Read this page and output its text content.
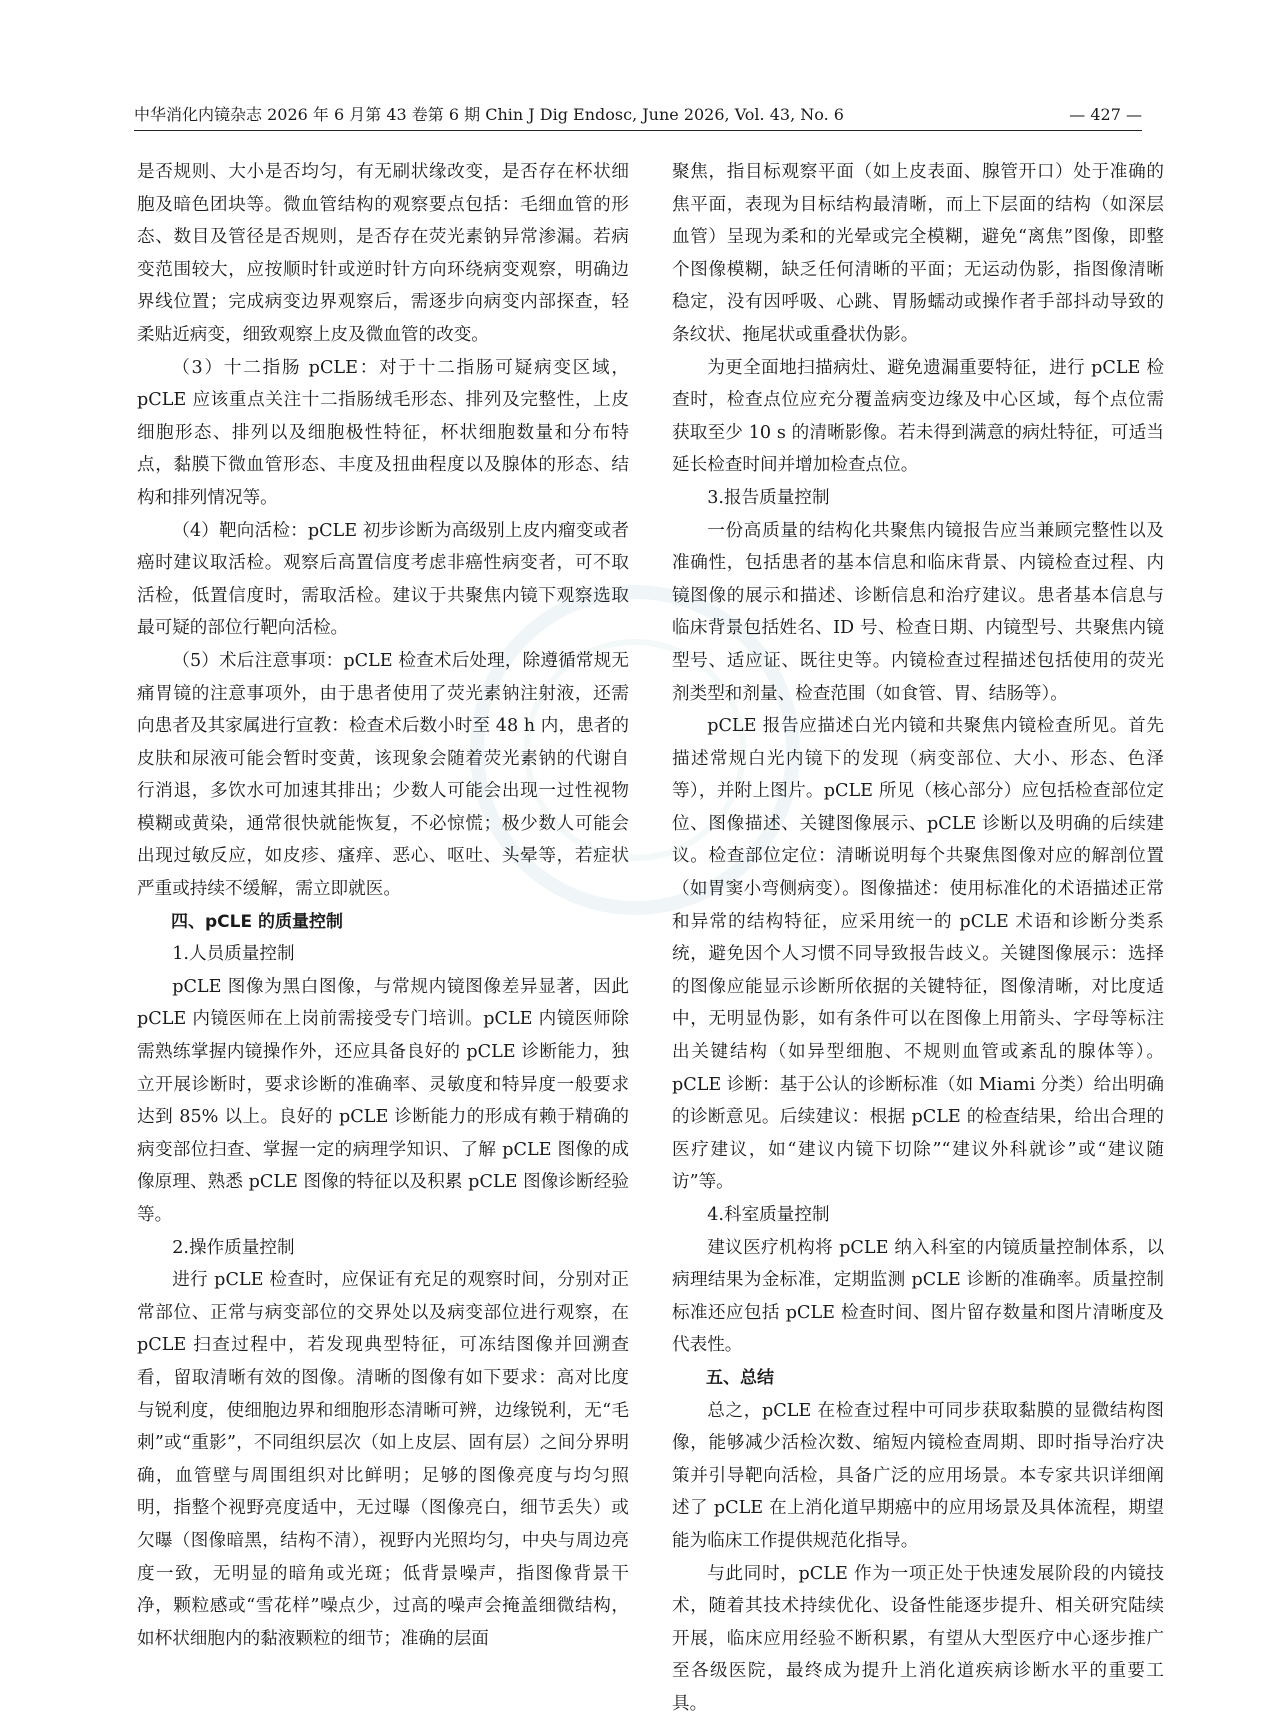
中华消化内镜杂志 2026 年 6 月第 43 卷第 6 期 Chin J Dig Endosc, June 2026, Vol. 43, No. 6	— 427 —

是否规则、大小是否均匀，有无刷状缘改变，是否存在杯状细胞及暗色团块等。微血管结构的观察要点包括：毛细血管的形态、数目及管径是否规则，是否存在荧光素钠异常渗漏。若病变范围较大，应按顺时针或逆时针方向环绕病变观察，明确边界线位置；完成病变边界观察后，需逐步向病变内部探查，轻柔贴近病变，细致观察上皮及微血管的改变。

（3）十二指肠 pCLE：对于十二指肠可疑病变区域，pCLE 应该重点关注十二指肠绒毛形态、排列及完整性，上皮细胞形态、排列以及细胞极性特征，杯状细胞数量和分布特点，黏膜下微血管形态、丰度及扭曲程度以及腺体的形态、结构和排列情况等。

（4）靶向活检：pCLE 初步诊断为高级别上皮内瘤变或者癌时建议取活检。观察后高置信度考虑非癌性病变者，可不取活检，低置信度时，需取活检。建议于共聚焦内镜下观察选取最可疑的部位行靶向活检。

（5）术后注意事项：pCLE 检查术后处理，除遵循常规无痛胃镜的注意事项外，由于患者使用了荧光素钠注射液，还需向患者及其家属进行宣教：检查术后数小时至 48 h 内，患者的皮肤和尿液可能会暂时变黄，该现象会随着荧光素钠的代谢自行消退，多饮水可加速其排出；少数人可能会出现一过性视物模糊或黄染，通常很快就能恢复，不必惊慌；极少数人可能会出现过敏反应，如皮疹、瘙痒、恶心、呕吐、头晕等，若症状严重或持续不缓解，需立即就医。

四、pCLE 的质量控制

1.人员质量控制

pCLE 图像为黑白图像，与常规内镜图像差异显著，因此 pCLE 内镜医师在上岗前需接受专门培训。pCLE 内镜医师除需熟练掌握内镜操作外，还应具备良好的 pCLE 诊断能力，独立开展诊断时，要求诊断的准确率、灵敏度和特异度一般要求达到 85% 以上。良好的 pCLE 诊断能力的形成有赖于精确的病变部位扫查、掌握一定的病理学知识、了解 pCLE 图像的成像原理、熟悉 pCLE 图像的特征以及积累 pCLE 图像诊断经验等。

2.操作质量控制

进行 pCLE 检查时，应保证有充足的观察时间，分别对正常部位、正常与病变部位的交界处以及病变部位进行观察，在 pCLE 扫查过程中，若发现典型特征，可冻结图像并回溯查看，留取清晰有效的图像。清晰的图像有如下要求：高对比度与锐利度，使细胞边界和细胞形态清晰可辨，边缘锐利，无“毛刺”或“重影”，不同组织层次（如上皮层、固有层）之间分界明确，血管壁与周围组织对比鲜明；足够的图像亮度与均匀照明，指整个视野亮度适中，无过曝（图像亮白，细节丢失）或欠曝（图像暗黑，结构不清），视野内光照均匀，中央与周边亮度一致，无明显的暗角或光斑；低背景噪声，指图像背景干净，颗粒感或“雪花样”噪点少，过高的噪声会掩盖细微结构，如杯状细胞内的黏液颗粒的细节；准确的层面

聚焦，指目标观察平面（如上皮表面、腺管开口）处于准确的焦平面，表现为目标结构最清晰，而上下层面的结构（如深层血管）呈现为柔和的光晕或完全模糊，避免“离焦”图像，即整个图像模糊，缺乏任何清晰的平面；无运动伪影，指图像清晰稳定，没有因呼吸、心跳、胃肠蠕动或操作者手部抖动导致的条纹状、拖尾状或重叠状伪影。

为更全面地扫描病灶、避免遗漏重要特征，进行 pCLE 检查时，检查点位应充分覆盖病变边缘及中心区域，每个点位需获取至少 10 s 的清晰影像。若未得到满意的病灶特征，可适当延长检查时间并增加检查点位。

3.报告质量控制

一份高质量的结构化共聚焦内镜报告应当兼顾完整性以及准确性，包括患者的基本信息和临床背景、内镜检查过程、内镜图像的展示和描述、诊断信息和治疗建议。患者基本信息与临床背景包括姓名、ID 号、检查日期、内镜型号、共聚焦内镜型号、适应证、既往史等。内镜检查过程描述包括使用的荧光剂类型和剂量、检查范围（如食管、胃、结肠等）。

pCLE 报告应描述白光内镜和共聚焦内镜检查所见。首先描述常规白光内镜下的发现（病变部位、大小、形态、色泽等），并附上图片。pCLE 所见（核心部分）应包括检查部位定位、图像描述、关键图像展示、pCLE 诊断以及明确的后续建议。检查部位定位：清晰说明每个共聚焦图像对应的解剖位置（如胃窦小弯侧病变）。图像描述：使用标准化的术语描述正常和异常的结构特征，应采用统一的 pCLE 术语和诊断分类系统，避免因个人习惯不同导致报告歧义。关键图像展示：选择的图像应能显示诊断所依据的关键特征，图像清晰，对比度适中，无明显伪影，如有条件可以在图像上用箭头、字母等标注出关键结构（如异型细胞、不规则血管或紊乱的腺体等）。pCLE 诊断：基于公认的诊断标准（如 Miami 分类）给出明确的诊断意见。后续建议：根据 pCLE 的检查结果，给出合理的医疗建议，如“建议内镜下切除”“建议外科就诊”或“建议随访”等。

4.科室质量控制

建议医疗机构将 pCLE 纳入科室的内镜质量控制体系，以病理结果为金标准，定期监测 pCLE 诊断的准确率。质量控制标准还应包括 pCLE 检查时间、图片留存数量和图片清晰度及代表性。

五、总结

总之，pCLE 在检查过程中可同步获取黏膜的显微结构图像，能够减少活检次数、缩短内镜检查周期、即时指导治疗决策并引导靶向活检，具备广泛的应用场景。本专家共识详细阐述了 pCLE 在上消化道早期癌中的应用场景及具体流程，期望能为临床工作提供规范化指导。

与此同时，pCLE 作为一项正处于快速发展阶段的内镜技术，随着其技术持续优化、设备性能逐步提升、相关研究陆续开展，临床应用经验不断积累，有望从大型医疗中心逐步推广至各级医院，最终成为提升上消化道疾病诊断水平的重要工具。
